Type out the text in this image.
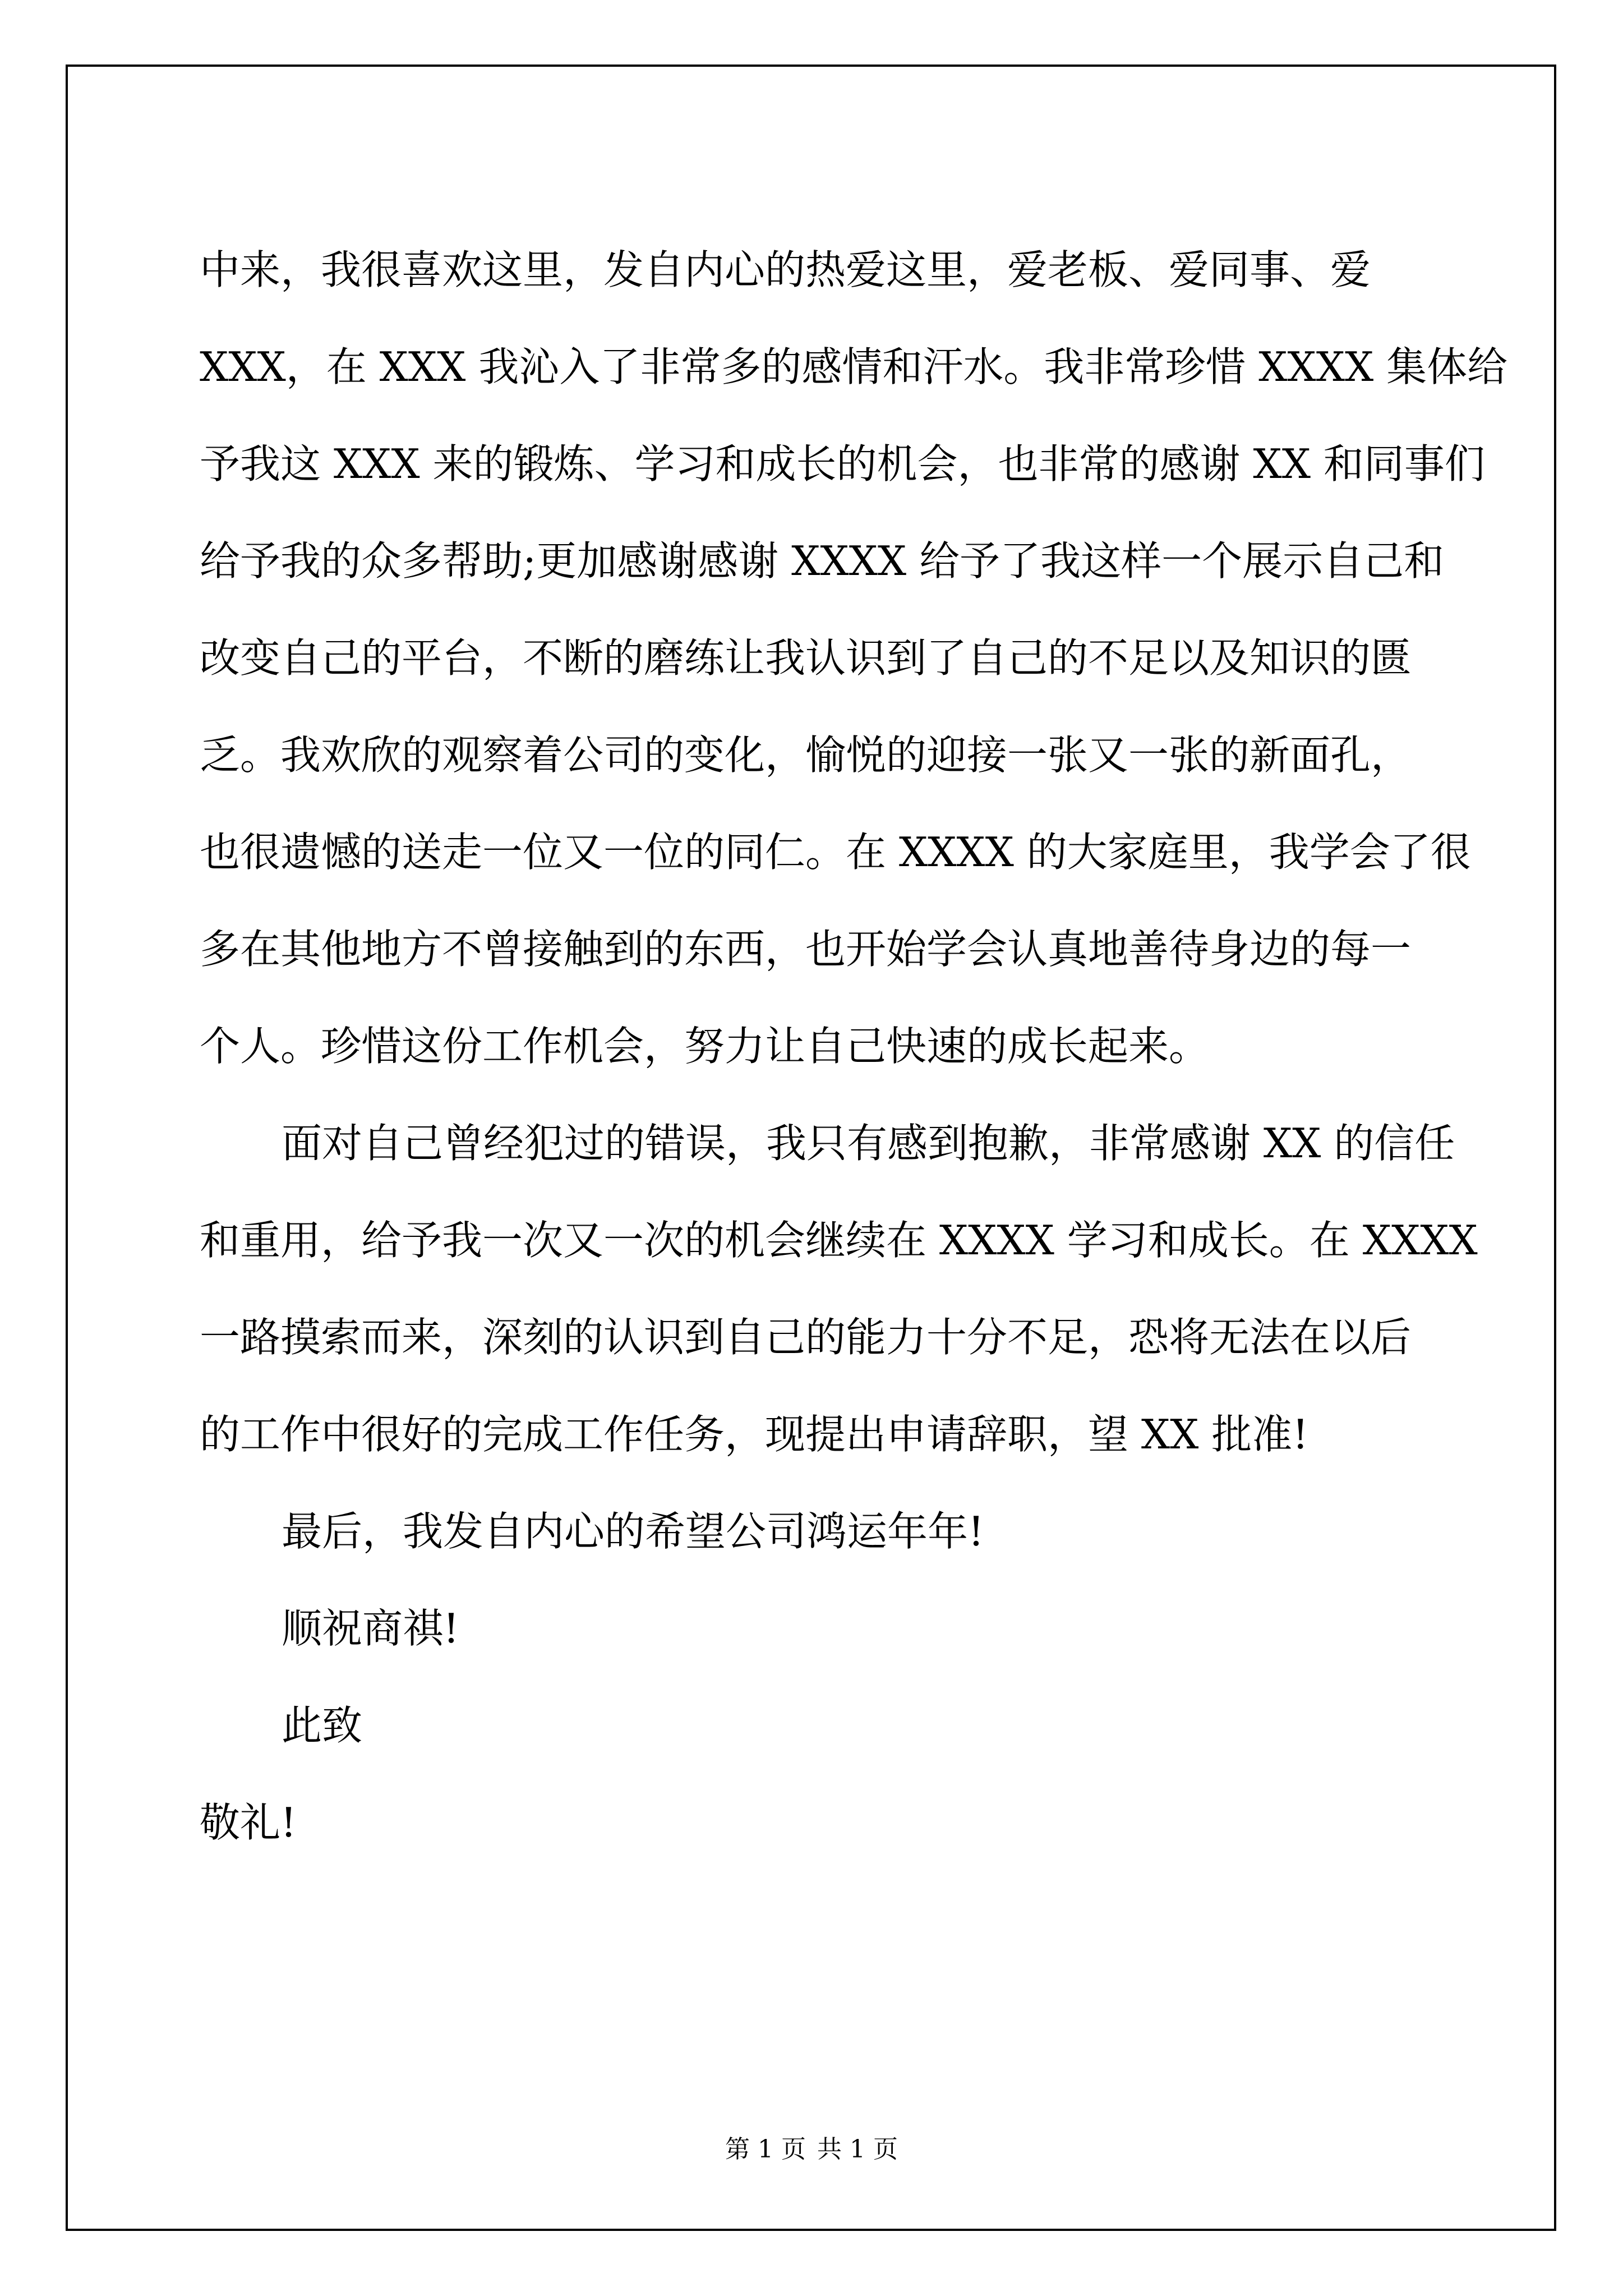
中来，我很喜欢这里，发自内心的热爱这里，爱老板、爱同事、爱
XXX，在 XXX 我沁入了非常多的感情和汗水。我非常珍惜 XXXX 集体给
予我这 XXX 来的锻炼、学习和成长的机会，也非常的感谢 XX 和同事们
给予我的众多帮助;更加感谢感谢 XXXX 给予了我这样一个展示自己和
改变自己的平台，不断的磨练让我认识到了自己的不足以及知识的匮
乏。我欢欣的观察着公司的变化，愉悦的迎接一张又一张的新面孔，
也很遗憾的送走一位又一位的同仁。在 XXXX 的大家庭里，我学会了很
多在其他地方不曾接触到的东西，也开始学会认真地善待身边的每一
个人。珍惜这份工作机会，努力让自己快速的成长起来。
面对自己曾经犯过的错误，我只有感到抱歉，非常感谢 XX 的信任
和重用，给予我一次又一次的机会继续在 XXXX 学习和成长。在 XXXX
一路摸索而来，深刻的认识到自己的能力十分不足，恐将无法在以后
的工作中很好的完成工作任务，现提出申请辞职，望 XX 批准!
最后，我发自内心的希望公司鸿运年年!
顺祝商祺!
此致
敬礼!
第 1 页 共 1 页
